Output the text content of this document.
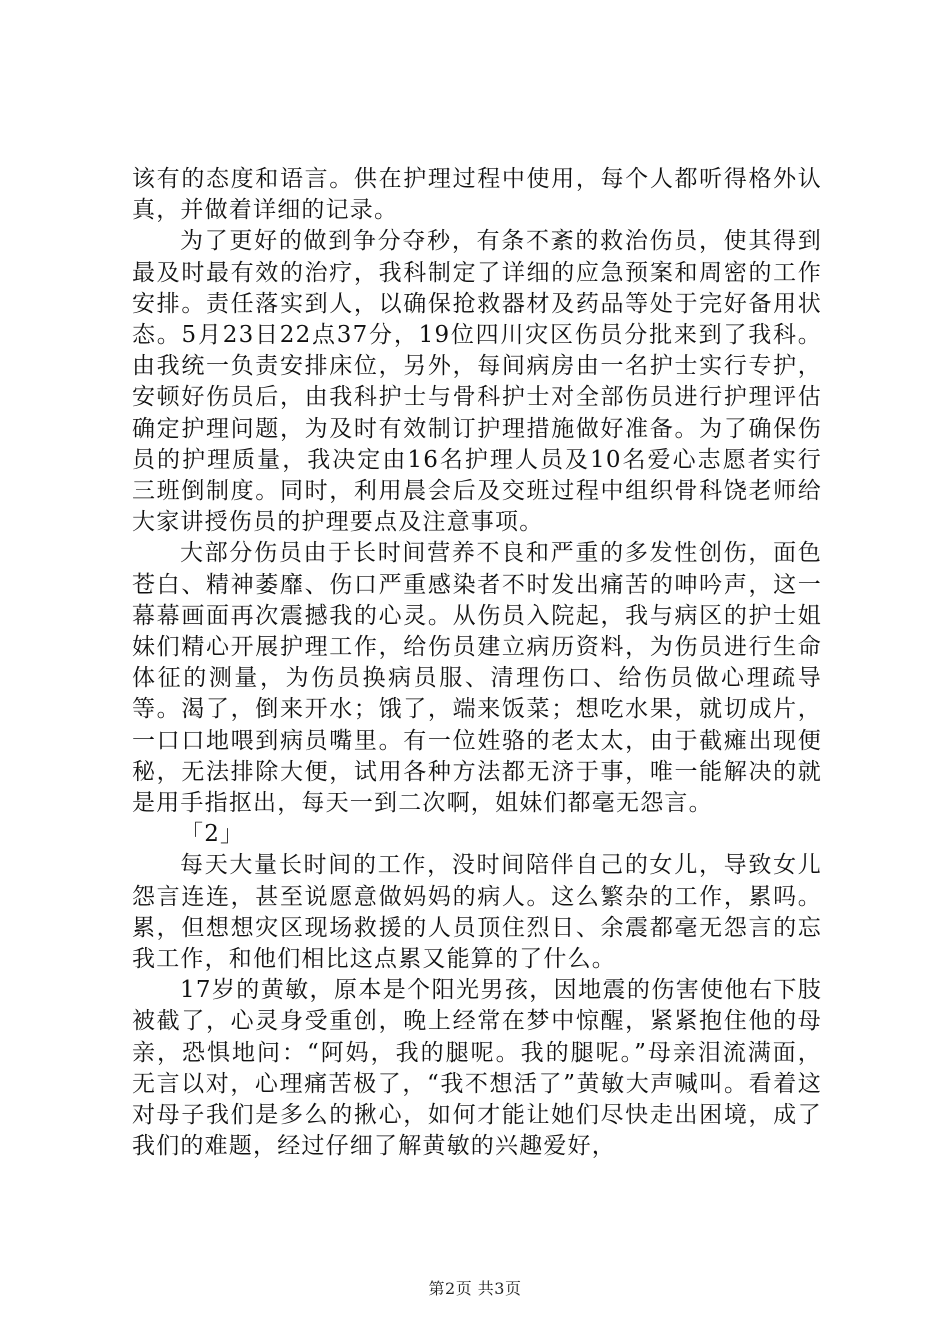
该有的态度和语言。供在护理过程中使用，每个人都听得格外认真，并做着详细的记录。

为了更好的做到争分夺秒，有条不紊的救治伤员，使其得到最及时最有效的治疗，我科制定了详细的应急预案和周密的工作安排。责任落实到人，以确保抢救器材及药品等处于完好备用状态。5月23日22点37分，19位四川灾区伤员分批来到了我科。由我统一负责安排床位，另外，每间病房由一名护士实行专护，安顿好伤员后，由我科护士与骨科护士对全部伤员进行护理评估确定护理问题，为及时有效制订护理措施做好准备。为了确保伤员的护理质量，我决定由16名护理人员及10名爱心志愿者实行三班倒制度。同时，利用晨会后及交班过程中组织骨科饶老师给大家讲授伤员的护理要点及注意事项。

大部分伤员由于长时间营养不良和严重的多发性创伤，面色苍白、精神萎靡、伤口严重感染者不时发出痛苦的呻吟声，这一幕幕画面再次震撼我的心灵。从伤员入院起，我与病区的护士姐妹们精心开展护理工作，给伤员建立病历资料，为伤员进行生命体征的测量，为伤员换病员服、清理伤口、给伤员做心理疏导等。渴了，倒来开水；饿了，端来饭菜；想吃水果，就切成片，一口口地喂到病员嘴里。有一位姓骆的老太太，由于截瘫出现便秘，无法排除大便，试用各种方法都无济于事，唯一能解决的就是用手指抠出，每天一到二次啊，姐妹们都毫无怨言。

「2」

每天大量长时间的工作，没时间陪伴自己的女儿，导致女儿怨言连连，甚至说愿意做妈妈的病人。这么繁杂的工作，累吗。累，但想想灾区现场救援的人员顶住烈日、余震都毫无怨言的忘我工作，和他们相比这点累又能算的了什么。

17岁的黄敏，原本是个阳光男孩，因地震的伤害使他右下肢被截了，心灵身受重创，晚上经常在梦中惊醒，紧紧抱住他的母亲，恐惧地问：“阿妈，我的腿呢。我的腿呢。”母亲泪流满面，无言以对，心理痛苦极了，“我不想活了”黄敏大声喊叫。看着这对母子我们是多么的揪心，如何才能让她们尽快走出困境，成了我们的难题，经过仔细了解黄敏的兴趣爱好，

第2页 共3页
